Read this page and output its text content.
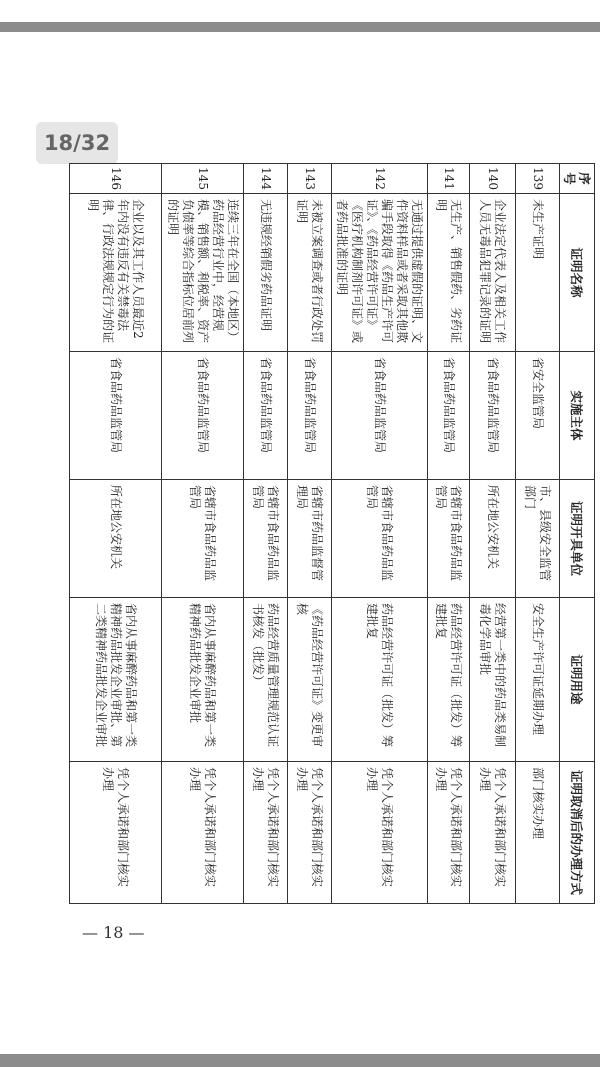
18/32
序号	证明名称	实施主体	证明开具单位	证明用途	证明取消后的办理方式
139	未生产证明	省安全监管局	市、县级安全监管部门	安全生产许可证延期办理	部门核实办理
140	企业法定代表人及相关工作人员无毒品犯罪记录的证明	省食品药品监管局	所在地公安机关	经营第一类中的药品类易制毒化学品审批	凭个人承诺和部门核实办理
141	无生产、销售假药、劣药证明	省食品药品监管局	省辖市食品药品监管局	药品经营许可证（批发）筹建批复	凭个人承诺和部门核实办理
142	无通过提供虚假的证明、文件资料样品或者采取其他欺骗手段取得《药品生产许可证》、《药品经营许可证》《医疗机构制剂许可证》或者药品批准的证明	省食品药品监管局	省辖市食品药品监管局	药品经营许可证（批发）筹建批复	凭个人承诺和部门核实办理
143	未被立案调查或者行政处罚证明	省食品药品监管局	省辖市药品监督管理局	《药品经营许可证》变更审核	凭个人承诺和部门核实办理
144	无违规经销假劣药品证明	省食品药品监管局	省辖市食品药品监管局	药品经营质量管理规范认证书核发（批发）	凭个人承诺和部门核实办理
145	连续三年在全国（本地区）药品经营行业中，经营规模、销售额、利税率、资产负债率等综合指标位居前列的证明	省食品药品监管局	省辖市食品药品监管局	省内从事麻醉药品和第一类精神药品批发企业审批	凭个人承诺和部门核实办理
146	企业以及其工作人员最近2年内没有违反有关禁毒法律、行政法规规定行为的证明	省食品药品监管局	所在地公安机关	省内从事麻醉药品和第一类精神药品批发企业审批、第二类精神药品批发企业审批	凭个人承诺和部门核实办理
— 18 —
